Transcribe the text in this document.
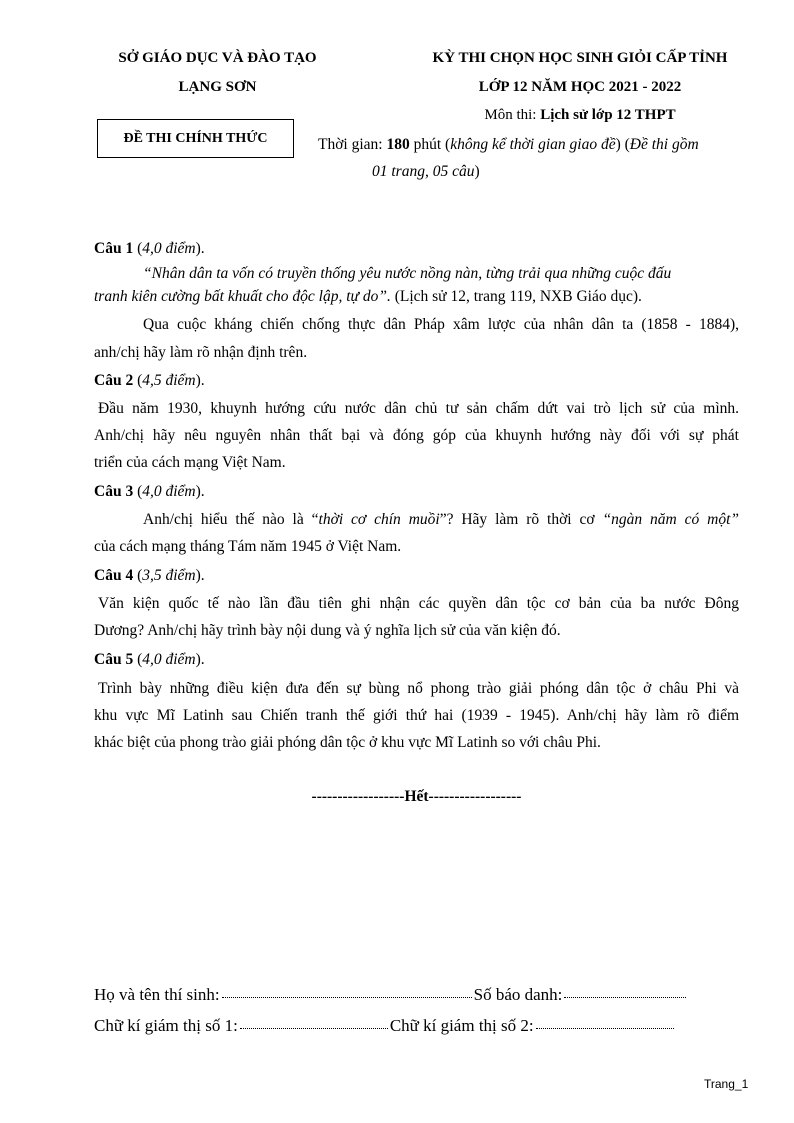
SỞ GIÁO DỤC VÀ ĐÀO TẠO
LẠNG SƠN
ĐỀ THI CHÍNH THỨC
KỲ THI CHỌN HỌC SINH GIỎI CẤP TỈNH
LỚP 12 NĂM HỌC 2021 - 2022
Môn thi: Lịch sử lớp 12 THPT
Thời gian: 180 phút (không kể thời gian giao đề) (Đề thi gồm
01 trang, 05 câu)
Câu 1 (4,0 điểm).
“Nhân dân ta vốn có truyền thống yêu nước nồng nàn, từng trải qua những cuộc đấu
tranh kiên cường bất khuất cho độc lập, tự do”. (Lịch sử 12, trang 119, NXB Giáo dục).
Qua cuộc kháng chiến chống thực dân Pháp xâm lược của nhân dân ta (1858 - 1884),
anh/chị hãy làm rõ nhận định trên.
Câu 2 (4,5 điểm).
Đầu năm 1930, khuynh hướng cứu nước dân chủ tư sản chấm dứt vai trò lịch sử của mình.
Anh/chị hãy nêu nguyên nhân thất bại và đóng góp của khuynh hướng này đối với sự phát
triển của cách mạng Việt Nam.
Câu 3 (4,0 điểm).
Anh/chị hiểu thế nào là “thời cơ chín muồi”? Hãy làm rõ thời cơ “ngàn năm có một”
của cách mạng tháng Tám năm 1945 ở Việt Nam.
Câu 4 (3,5 điểm).
Văn kiện quốc tế nào lần đầu tiên ghi nhận các quyền dân tộc cơ bản của ba nước Đông
Dương? Anh/chị hãy trình bày nội dung và ý nghĩa lịch sử của văn kiện đó.
Câu 5 (4,0 điểm).
Trình bày những điều kiện đưa đến sự bùng nổ phong trào giải phóng dân tộc ở châu Phi và
khu vực Mĩ Latinh sau Chiến tranh thế giới thứ hai (1939 - 1945). Anh/chị hãy làm rõ điểm
khác biệt của phong trào giải phóng dân tộc ở khu vực Mĩ Latinh so với châu Phi.
------------------Hết------------------
Họ và tên thí sinh:	Số báo danh:
Chữ kí giám thị số 1:	Chữ kí giám thị số 2:
Trang_1
